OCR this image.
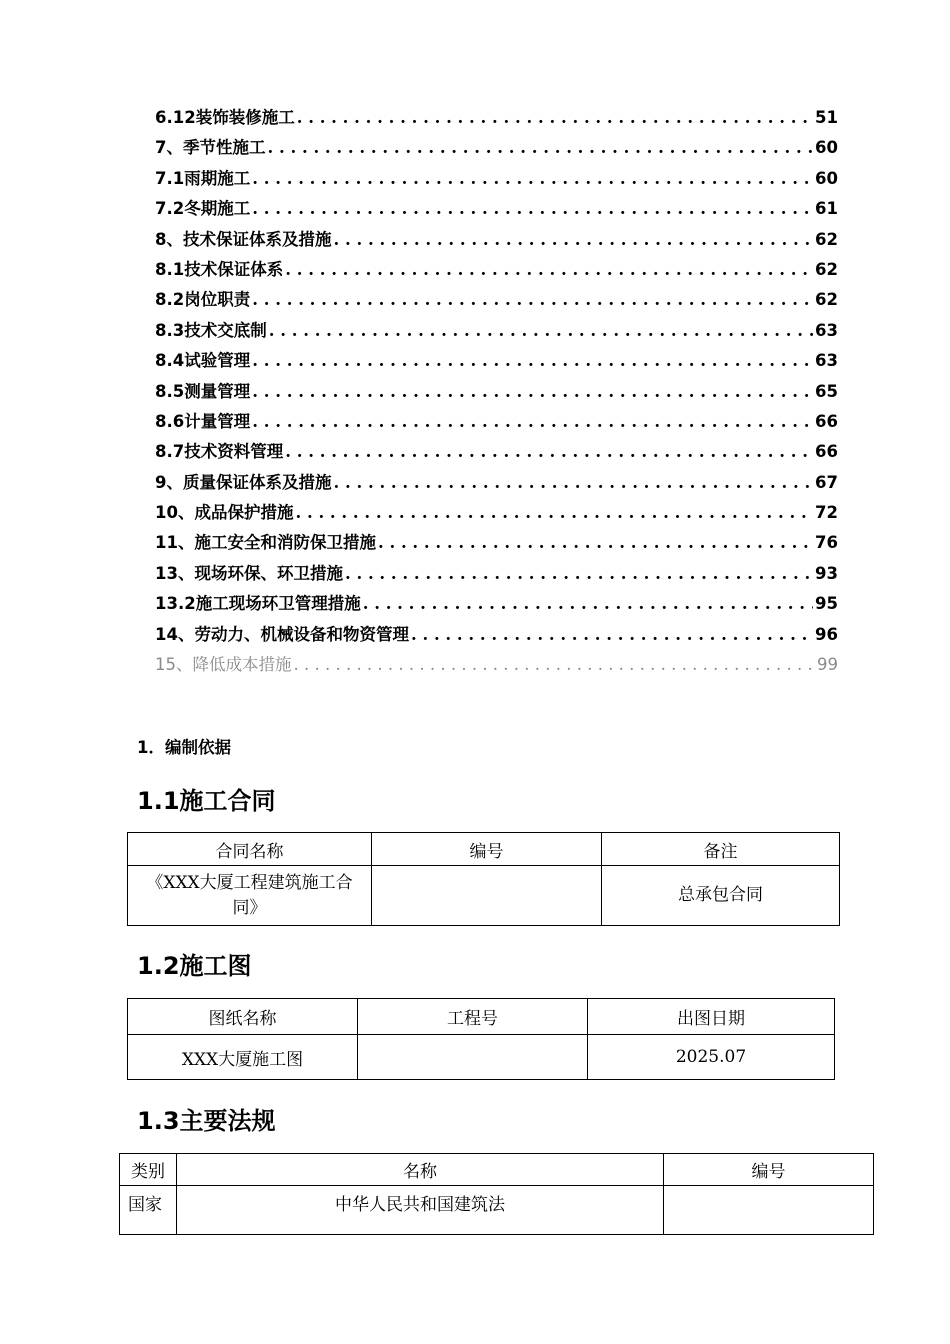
6.12装饰装修施工 . . .	51
7、季节性施工 . . .	60
7.1雨期施工 . . .	60
7.2冬期施工 . . .	61
8、技术保证体系及措施 . . .	62
8.1技术保证体系 . . .	62
8.2岗位职责 . . .	62
8.3技术交底制 . . .	63
8.4试验管理 . . .	63
8.5测量管理 . . .	65
8.6计量管理 . . .	66
8.7技术资料管理 . . .	66
9、质量保证体系及措施 . . .	67
10、成品保护措施 . . .	72
11、施工安全和消防保卫措施 . . .	76
13、现场环保、环卫措施 . . .	93
13.2施工现场环卫管理措施 . . .	95
14、劳动力、机械设备和物资管理 . . .	96
15、降低成本措施 . . .	99
1．编制依据
1.1施工合同
合同名称	编号	备注
《XXX大厦工程建筑施工合
同》		总承包合同
1.2施工图
图纸名称	工程号	出图日期
XXX大厦施工图		2025.07
1.3主要法规
类别	名称	编号
国家	中华人民共和国建筑法	
